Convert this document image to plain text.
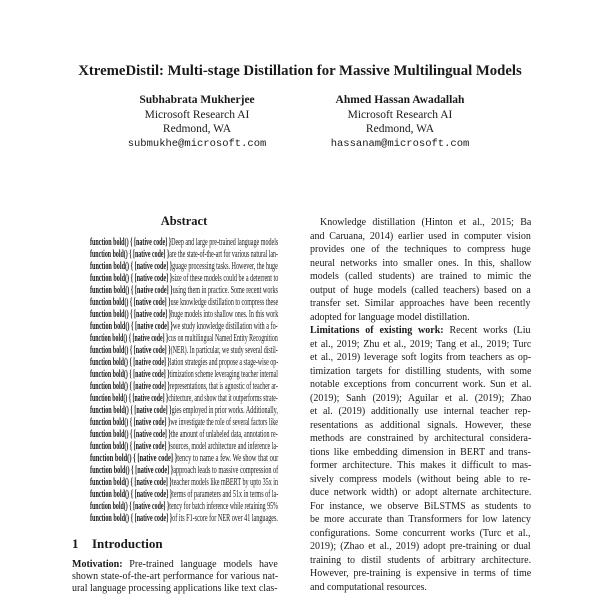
XtremeDistil: Multi-stage Distillation for Massive Multilingual Models
Subhabrata Mukherjee
Microsoft Research AI
Redmond, WA
submukhe@microsoft.com
Ahmed Hassan Awadallah
Microsoft Research AI
Redmond, WA
hassanam@microsoft.com
Abstract
function bold() { [native code] }Deep and large pre-trained language models
function bold() { [native code] }are the state-of-the-art for various natural lan-
function bold() { [native code] }guage processing tasks. However, the huge
function bold() { [native code] }size of these models could be a deterrent to
function bold() { [native code] }using them in practice. Some recent works
function bold() { [native code] }use knowledge distillation to compress these
function bold() { [native code] }huge models into shallow ones. In this work
function bold() { [native code] }we study knowledge distillation with a fo-
function bold() { [native code] }cus on multilingual Named Entity Recognition
function bold() { [native code] }(NER). In particular, we study several distil-
function bold() { [native code] }lation strategies and propose a stage-wise op-
function bold() { [native code] }timization scheme leveraging teacher internal
function bold() { [native code] }representations, that is agnostic of teacher ar-
function bold() { [native code] }chitecture, and show that it outperforms strate-
function bold() { [native code] }gies employed in prior works. Additionally,
function bold() { [native code] }we investigate the role of several factors like
function bold() { [native code] }the amount of unlabeled data, annotation re-
function bold() { [native code] }sources, model architecture and inference la-
function bold() { [native code] }tency to name a few. We show that our
function bold() { [native code] }approach leads to massive compression of
function bold() { [native code] }teacher models like mBERT by upto 35x in
function bold() { [native code] }terms of parameters and 51x in terms of la-
function bold() { [native code] }tency for batch inference while retaining 95%
function bold() { [native code] }of its F1-score for NER over 41 languages.
1 Introduction
Motivation: Pre-trained language models have
shown state-of-the-art performance for various nat-
ural language processing applications like text clas-
Knowledge distillation (Hinton et al., 2015; Ba
and Caruana, 2014) earlier used in computer vision
provides one of the techniques to compress huge
neural networks into smaller ones. In this, shallow
models (called students) are trained to mimic the
output of huge models (called teachers) based on a
transfer set. Similar approaches have been recently
adopted for language model distillation.
Limitations of existing work: Recent works (Liu
et al., 2019; Zhu et al., 2019; Tang et al., 2019; Turc
et al., 2019) leverage soft logits from teachers as op-
timization targets for distilling students, with some
notable exceptions from concurrent work. Sun et al.
(2019); Sanh (2019); Aguilar et al. (2019); Zhao
et al. (2019) additionally use internal teacher rep-
resentations as additional signals. However, these
methods are constrained by architectural considera-
tions like embedding dimension in BERT and trans-
former architecture. This makes it difficult to mas-
sively compress models (without being able to re-
duce network width) or adopt alternate architecture.
For instance, we observe BiLSTMS as students to
be more accurate than Transformers for low latency
configurations. Some concurrent works (Turc et al.,
2019); (Zhao et al., 2019) adopt pre-training or dual
training to distil students of arbitrary architecture.
However, pre-training is expensive in terms of time
and computational resources.
